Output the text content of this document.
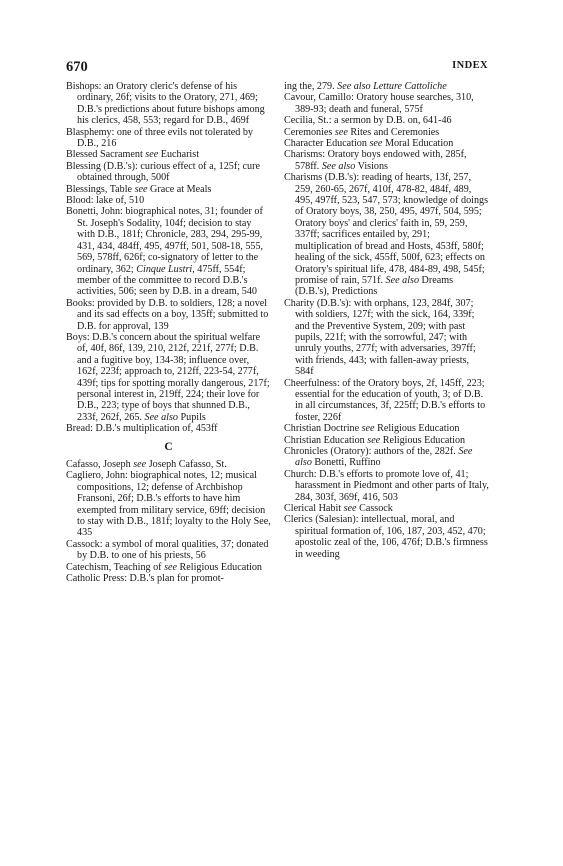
670	INDEX

Bishops: an Oratory cleric's defense of his ordinary, 26f; visits to the Oratory, 271, 469; D.B.'s predictions about future bishops among his clerics, 458, 553; regard for D.B., 469f

Blasphemy: one of three evils not tolerated by D.B., 216

Blessed Sacrament see Eucharist

Blessing (D.B.'s): curious effect of a, 125f; cure obtained through, 500f

Blessings, Table see Grace at Meals

Blood: lake of, 510

Bonetti, John: biographical notes, 31; founder of St. Joseph's Sodality, 104f; decision to stay with D.B., 181f; Chronicle, 283, 294, 295-99, 431, 434, 484ff, 495, 497ff, 501, 508-18, 555, 569, 578ff, 626f; co-signatory of letter to the ordinary, 362; Cinque Lustri, 475ff, 554f; member of the committee to record D.B.'s activities, 506; seen by D.B. in a dream, 540

Books: provided by D.B. to soldiers, 128; a novel and its sad effects on a boy, 135ff; submitted to D.B. for approval, 139

Boys: D.B.'s concern about the spiritual welfare of, 40f, 86f, 139, 210, 212f, 221f, 277f; D.B. and a fugitive boy, 134-38; influence over, 162f, 223f; approach to, 212ff, 223-54, 277f, 439f; tips for spotting morally dangerous, 217f; personal interest in, 219ff, 224; their love for D.B., 223; type of boys that shunned D.B., 233f, 262f, 265. See also Pupils

Bread: D.B.'s multiplication of, 453ff

C

Cafasso, Joseph see Joseph Cafasso, St.

Cagliero, John: biographical notes, 12; musical compositions, 12; defense of Archbishop Fransoni, 26f; D.B.'s efforts to have him exempted from military service, 69ff; decision to stay with D.B., 181f; loyalty to the Holy See, 435

Cassock: a symbol of moral qualities, 37; donated by D.B. to one of his priests, 56

Catechism, Teaching of see Religious Education

Catholic Press: D.B.'s plan for promot-

ing the, 279. See also Letture Cattoliche

Cavour, Camillo: Oratory house searches, 310, 389-93; death and funeral, 575f

Cecilia, St.: a sermon by D.B. on, 641-46

Ceremonies see Rites and Ceremonies

Character Education see Moral Education

Charisms: Oratory boys endowed with, 285f, 578ff. See also Visions

Charisms (D.B.'s): reading of hearts, 13f, 257, 259, 260-65, 267f, 410f, 478-82, 484f, 489, 495, 497ff, 523, 547, 573; knowledge of doings of Oratory boys, 38, 250, 495, 497f, 504, 595; Oratory boys' and clerics' faith in, 59, 259, 337ff; sacrifices entailed by, 291; multiplication of bread and Hosts, 453ff, 580f; healing of the sick, 455ff, 500f, 623; effects on Oratory's spiritual life, 478, 484-89, 498, 545f; promise of rain, 571f. See also Dreams (D.B.'s), Predictions

Charity (D.B.'s): with orphans, 123, 284f, 307; with soldiers, 127f; with the sick, 164, 339f; and the Preventive System, 209; with past pupils, 221f; with the sorrowful, 247; with unruly youths, 277f; with adversaries, 397ff; with friends, 443; with fallen-away priests, 584f

Cheerfulness: of the Oratory boys, 2f, 145ff, 223; essential for the education of youth, 3; of D.B. in all circumstances, 3f, 225ff; D.B.'s efforts to foster, 226f

Christian Doctrine see Religious Education

Christian Education see Religious Education

Chronicles (Oratory): authors of the, 282f. See also Bonetti, Ruffino

Church: D.B.'s efforts to promote love of, 41; harassment in Piedmont and other parts of Italy, 284, 303f, 369f, 416, 503

Clerical Habit see Cassock

Clerics (Salesian): intellectual, moral, and spiritual formation of, 106, 187, 203, 452, 470; apostolic zeal of the, 106, 476f; D.B.'s firmness in weeding
